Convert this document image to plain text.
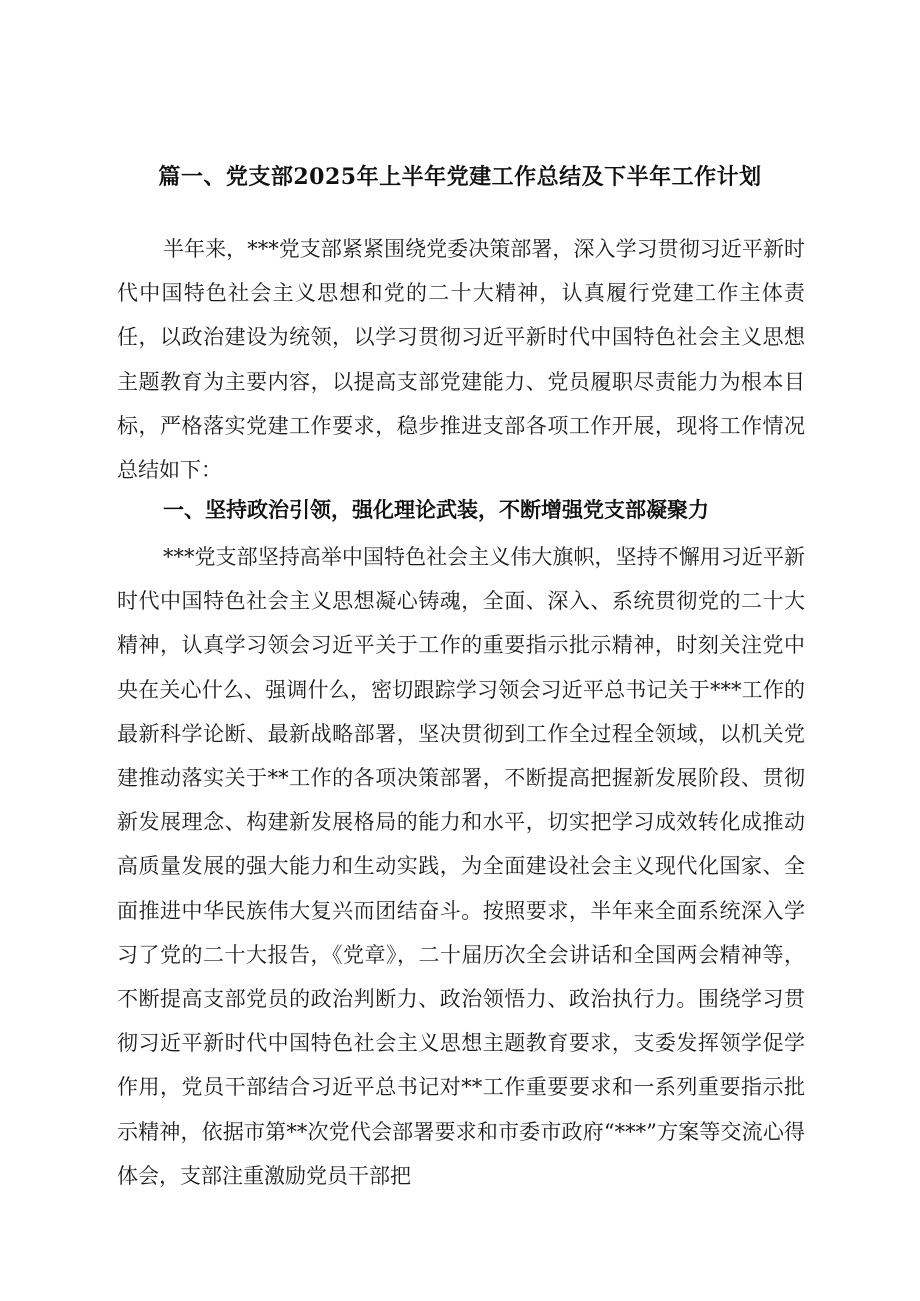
篇一、党支部2025年上半年党建工作总结及下半年工作计划

半年来，***党支部紧紧围绕党委决策部署，深入学习贯彻习近平新时代中国特色社会主义思想和党的二十大精神，认真履行党建工作主体责任，以政治建设为统领，以学习贯彻习近平新时代中国特色社会主义思想主题教育为主要内容，以提高支部党建能力、党员履职尽责能力为根本目标，严格落实党建工作要求，稳步推进支部各项工作开展，现将工作情况总结如下：

一、坚持政治引领，强化理论武装，不断增强党支部凝聚力

***党支部坚持高举中国特色社会主义伟大旗帜，坚持不懈用习近平新时代中国特色社会主义思想凝心铸魂，全面、深入、系统贯彻党的二十大精神，认真学习领会习近平关于工作的重要指示批示精神，时刻关注党中央在关心什么、强调什么，密切跟踪学习领会习近平总书记关于***工作的最新科学论断、最新战略部署，坚决贯彻到工作全过程全领域，以机关党建推动落实关于**工作的各项决策部署，不断提高把握新发展阶段、贯彻新发展理念、构建新发展格局的能力和水平，切实把学习成效转化成推动高质量发展的强大能力和生动实践，为全面建设社会主义现代化国家、全面推进中华民族伟大复兴而团结奋斗。按照要求，半年来全面系统深入学习了党的二十大报告，《党章》，二十届历次全会讲话和全国两会精神等，不断提高支部党员的政治判断力、政治领悟力、政治执行力。围绕学习贯彻习近平新时代中国特色社会主义思想主题教育要求，支委发挥领学促学作用，党员干部结合习近平总书记对**工作重要要求和一系列重要指示批示精神，依据市第**次党代会部署要求和市委市政府“***”方案等交流心得体会，支部注重激励党员干部把
